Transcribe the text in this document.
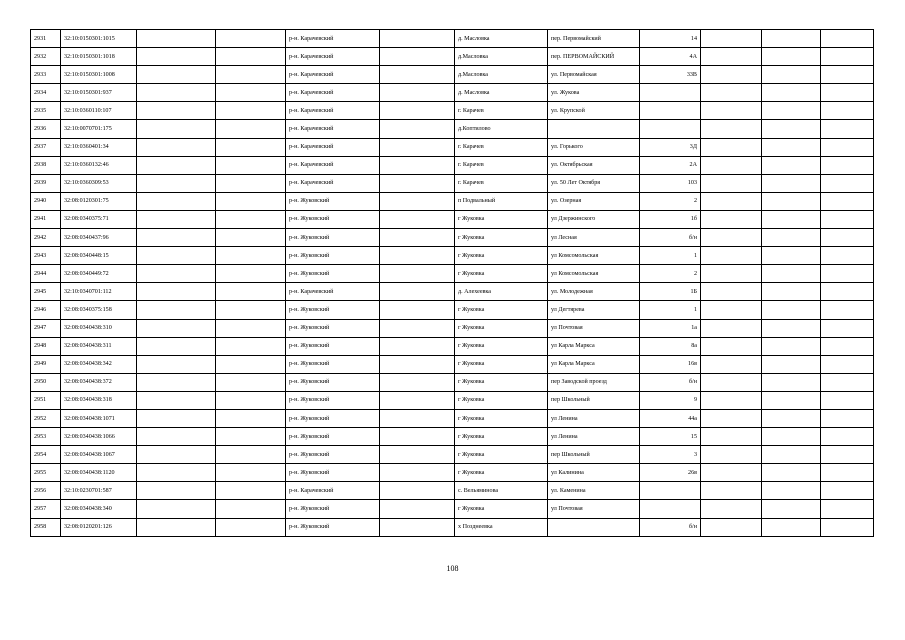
2931	32:10:0150301:1015			р-н. Карачевский		д. Масловка	пер. Первомайский	14			
2932	32:10:0150301:1018			р-н. Карачевский		д.Масловка	пер. ПЕРВОМАЙСКИЙ	4А			
2933	32:10:0150301:1008			р-н. Карачевский		д.Масловка	ул. Первомайская	33В			
2934	32:10:0150301:937			р-н. Карачевский		д. Масловка	ул. Жукова				
2935	32:10:0360110:107			р-н. Карачевский		г. Карачев	ул. Крупской				
2936	32:10:0070701:175			р-н. Карачевский		д.Коптилово					
2937	32:10:0360401:34			р-н. Карачевский		г. Карачев	ул. Горького	3Д			
2938	32:10:0360132:46			р-н. Карачевский		г. Карачев	ул. Октябрьская	2А			
2939	32:10:0360309:53			р-н. Карачевский		г. Карачев	ул. 50 Лет Октября	103			
2940	32:08:0120301:75			р-н. Жуковский		п Подвальный	ул. Озерная	2			
2941	32:08:0340375:71			р-н. Жуковский		г Жуковка	ул Дзержинского	1б			
2942	32:08:0340437:96			р-н. Жуковский		г Жуковка	ул Лесная	б/н			
2943	32:08:0340448:15			р-н. Жуковский		г Жуковка	ул Комсомольская	1			
2944	32:08:0340449:72			р-н. Жуковский		г Жуковка	ул Комсомольская	2			
2945	32:10:0340701:112			р-н. Карачевский		д. Алехеевка	ул. Молодежная	1Б			
2946	32:08:0340375:158			р-н. Жуковский		г Жуковка	ул Дегтярева	1			
2947	32:08:0340438:310			р-н. Жуковский		г Жуковка	ул Почтовая	1а			
2948	32:08:0340438:311			р-н. Жуковский		г Жуковка	ул Карла Маркса	8а			
2949	32:08:0340438:342			р-н. Жуковский		г Жуковка	ул Карла Маркса	16в			
2950	32:08:0340438:372			р-н. Жуковский		г Жуковка	пер Заводской проезд	б/н			
2951	32:08:0340438:318			р-н. Жуковский		г Жуковка	пер Школьный	9			
2952	32:08:0340438:1071			р-н. Жуковский		г Жуковка	ул Ленина	44а			
2953	32:08:0340438:1066			р-н. Жуковский		г Жуковка	ул Ленина	15			
2954	32:08:0340438:1067			р-н. Жуковский		г Жуковка	пер Школьный	3			
2955	32:08:0340438:1120			р-н. Жуковский		г Жуковка	ул Калинина	26в			
2956	32:10:0230701:587			р-н. Карачевский		с. Вельяминова	ул. Каменина				
2957	32:08:0340438:340			р-н. Жуковский		г Жуковка	ул Почтовая				
2958	32:08:0120201:126			р-н. Жуковский		х Позднеевка		б/н			
108
